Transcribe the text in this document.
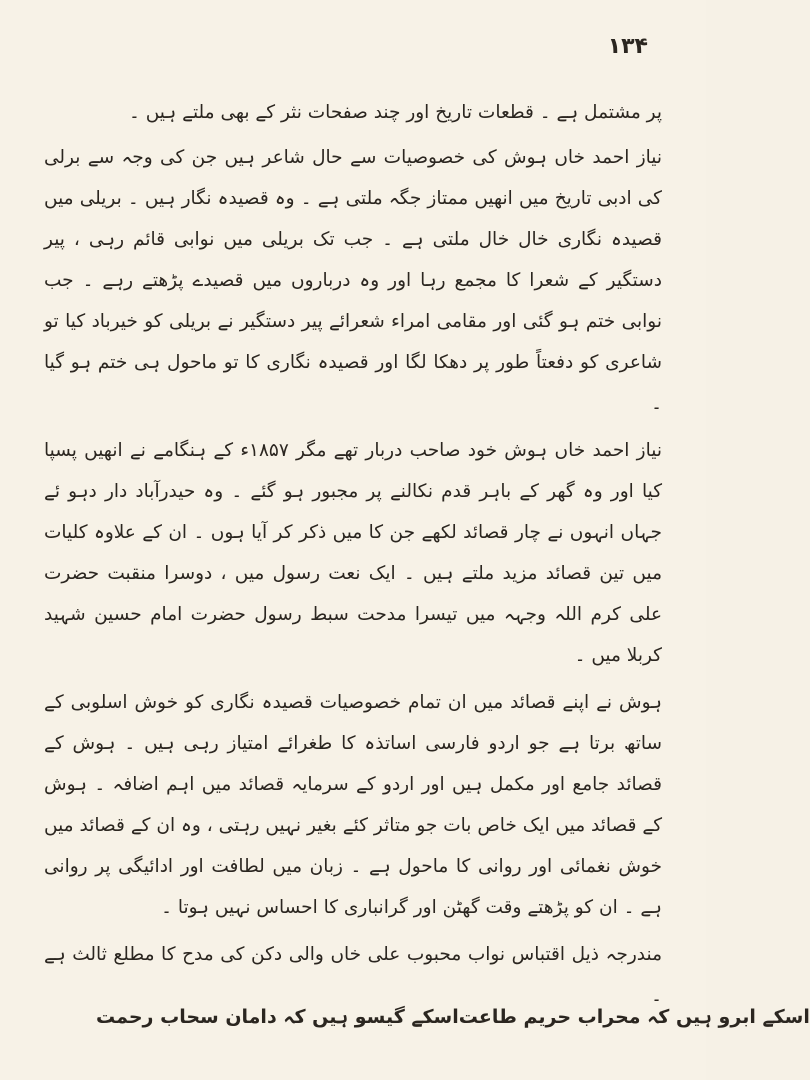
۱۳۴

پر مشتمل ہے ۔ قطعات تاریخ اور چند صفحات نثر کے بھی ملتے ہیں ۔

نیاز احمد خاں ہوش کی خصوصیات سے حال شاعر ہیں جن کی وجہ سے برلی کی ادبی تاریخ میں انھیں ممتاز جگہ ملتی ہے ۔ وہ قصیدہ نگار ہیں ۔ بریلی میں قصیدہ نگاری خال خال ملتی ہے ۔ جب تک بریلی میں نوابی قائم رہی ، پیر دستگیر کے شعرا کا مجمع رہا اور وہ درباروں میں قصیدے پڑھتے رہے ۔ جب نوابی ختم ہو گئی اور مقامی امراء شعرائے پیر دستگیر نے بریلی کو خیرباد کیا تو شاعری کو دفعتاً طور پر دھکا لگا اور قصیدہ نگاری کا تو ماحول ہی ختم ہو گیا ۔

نیاز احمد خاں ہوش خود صاحب دربار تھے مگر ۱۸۵۷ء کے ہنگامے نے انھیں پسپا کیا اور وہ گھر کے باہر قدم نکالنے پر مجبور ہو گئے ۔ وہ حیدرآباد دار دہو ئے جہاں انہوں نے چار قصائد لکھے جن کا میں ذکر کر آیا ہوں ۔ ان کے علاوہ کلیات میں تین قصائد مزید ملتے ہیں ۔ ایک نعت رسول میں ، دوسرا منقبت حضرت علی کرم اللہ وجہہ میں تیسرا مدحت سبط رسول حضرت امام حسین شہید کربلا میں ۔

ہوش نے اپنے قصائد میں ان تمام خصوصیات قصیدہ نگاری کو خوش اسلوبی کے ساتھ برتا ہے جو اردو فارسی اساتذہ کا طغرائے امتیاز رہی ہیں ۔ ہوش کے قصائد جامع اور مکمل ہیں اور اردو کے سرمایہ قصائد میں اہم اضافہ ۔ ہوش کے قصائد میں ایک خاص بات جو متاثر کئے بغیر نہیں رہتی ، وہ ان کے قصائد میں خوش نغمائی اور روانی کا ماحول ہے ۔ زبان میں لطافت اور ادائیگی پر روانی ہے ۔ ان کو پڑھتے وقت گھٹن اور گرانباری کا احساس نہیں ہوتا ۔

مندرجہ ذیل اقتباس نواب محبوب علی خاں والی دکن کی مدح کا مطلع ثالث ہے ۔

اسکے گیسو ہیں کہ دامان سحاب رحمت اسکے ابرو ہیں کہ محراب حریم طاعت
